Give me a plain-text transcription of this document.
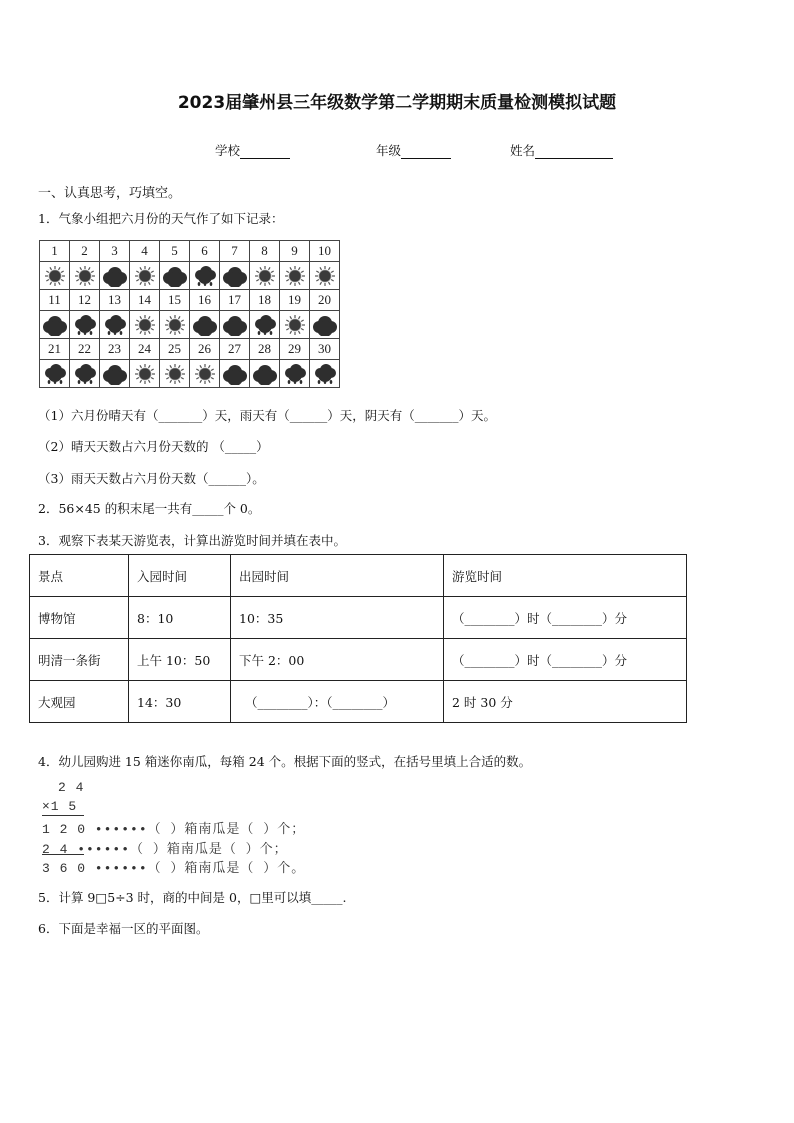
2023届肇州县三年级数学第二学期期末质量检测模拟试题
学校	年级	姓名
一、认真思考，巧填空。
1．气象小组把六月份的天气作了如下记录：
1	2	3	4	5	6	7	8	9	10

11	12	13	14	15	16	17	18	19	20

21	22	23	24	25	26	27	28	29	30

（1）六月份晴天有（_______）天，雨天有（______）天，阴天有（_______）天。
（2）晴天天数占六月份天数的 （_____）
（3）雨天天数占六月份天数（______）。
2．56×45 的积末尾一共有_____个 0。
3．观察下表某天游览表，计算出游览时间并填在表中。
景点	入园时间	出园时间	游览时间
博物馆	8：10	10：35	（________）时（________）分
明清一条街	上午 10：50	下午 2：00	（________）时（________）分
大观园	14：30	（________）：（________）	2 时 30 分
4．幼儿园购进 15 箱迷你南瓜，每箱 24 个。根据下面的竖式，在括号里填上合适的数。
2 4
×1 5
1 2 0 ••••••（ ）箱南瓜是（ ）个；
2 4 ••••••（ ）箱南瓜是（ ）个；
3 6 0 ••••••（ ）箱南瓜是（ ）个。
5．计算 9□5÷3 时，商的中间是 0，□里可以填_____.
6．下面是幸福一区的平面图。
